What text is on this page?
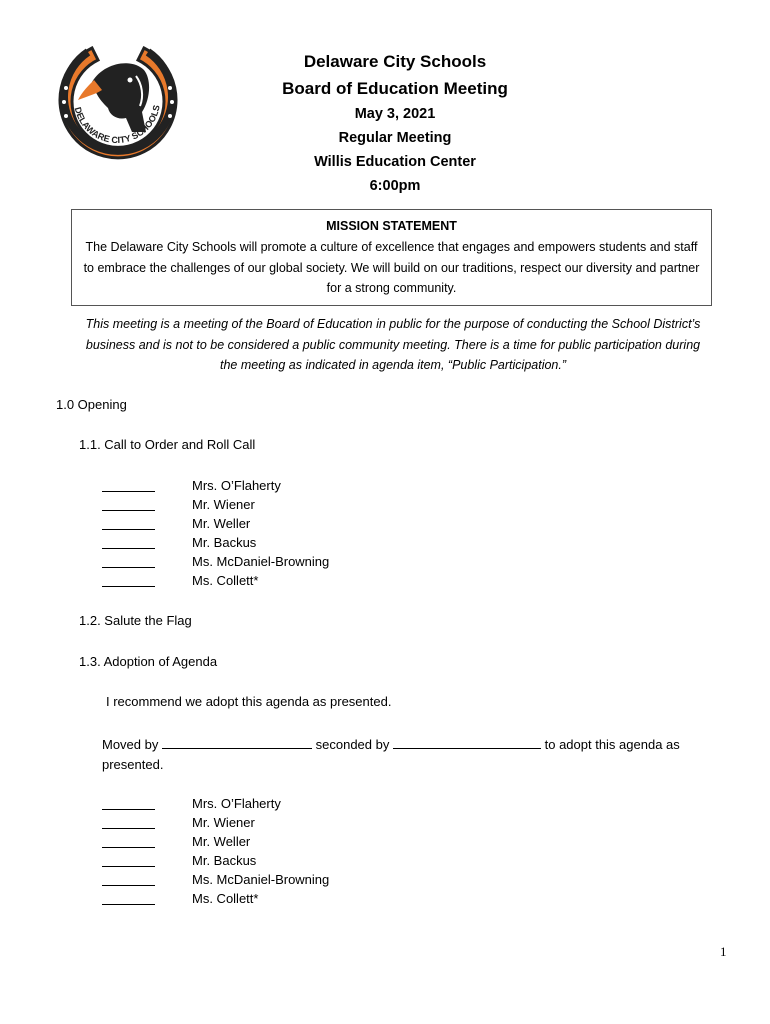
DELAWARE CITY SCHOOLS
Delaware City Schools
Board of Education Meeting
May 3, 2021
Regular Meeting
Willis Education Center
6:00pm
MISSION STATEMENT
The Delaware City Schools will promote a culture of excellence that engages and empowers students and staff to embrace the challenges of our global society. We will build on our traditions, respect our diversity and partner for a strong community.
This meeting is a meeting of the Board of Education in public for the purpose of conducting the School District’s business and is not to be considered a public community meeting. There is a time for public participation during the meeting as indicated in agenda item, “Public Participation.”
1.0 Opening
1.1. Call to Order and Roll Call
Mrs. O’Flaherty
Mr. Wiener
Mr. Weller
Mr. Backus
Ms. McDaniel-Browning
Ms. Collett*
1.2. Salute the Flag
1.3. Adoption of Agenda
I recommend we adopt this agenda as presented.
Moved by	seconded by	to adopt this agenda as presented.
Mrs. O’Flaherty
Mr. Wiener
Mr. Weller
Mr. Backus
Ms. McDaniel-Browning
Ms. Collett*
1
